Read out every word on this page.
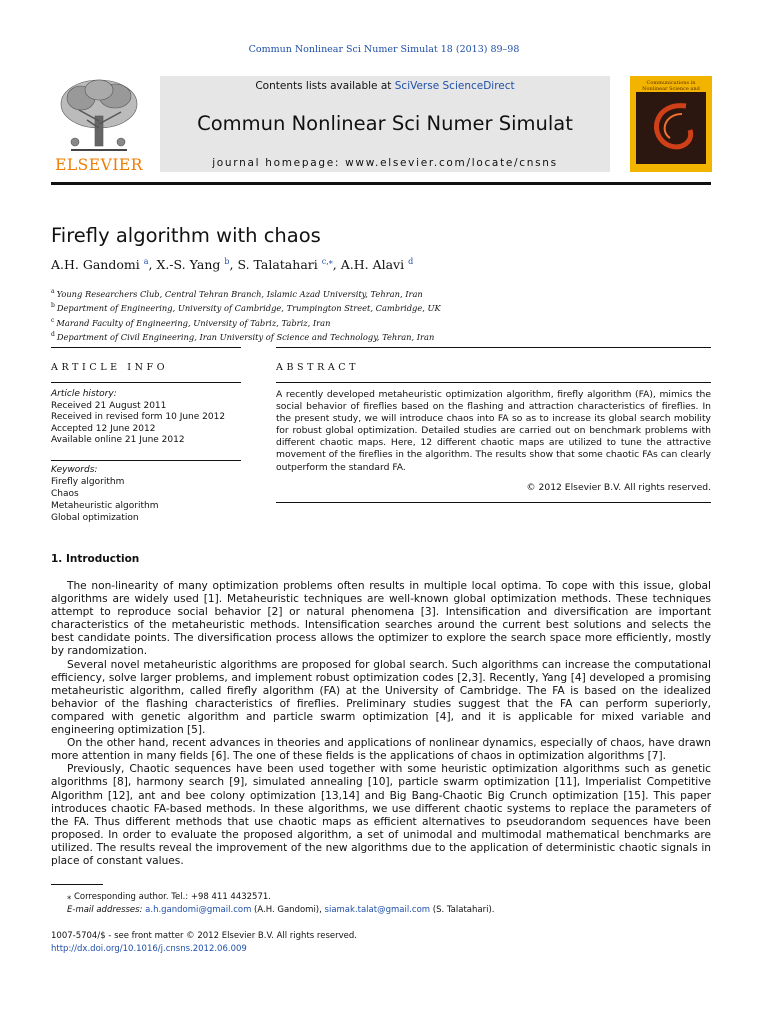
Commun Nonlinear Sci Numer Simulat 18 (2013) 89–98
ELSEVIER
Contents lists available at SciVerse ScienceDirect
Commun Nonlinear Sci Numer Simulat
journal homepage: www.elsevier.com/locate/cnsns
Communications in Nonlinear Science and
Firefly algorithm with chaos
A.H. Gandomi $^a$, X.-S. Yang $^b$, S. Talatahari $^{c,⁎}$, A.H. Alavi $^d$
$^a$ Young Researchers Club, Central Tehran Branch, Islamic Azad University, Tehran, Iran
$^b$ Department of Engineering, University of Cambridge, Trumpington Street, Cambridge, UK
$^c$ Marand Faculty of Engineering, University of Tabriz, Tabriz, Iran
$^d$ Department of Civil Engineering, Iran University of Science and Technology, Tehran, Iran
ARTICLE INFO	ABSTRACT
Article history:
Received 21 August 2011
Received in revised form 10 June 2012
Accepted 12 June 2012
Available online 21 June 2012
Keywords:
Firefly algorithm
Chaos
Metaheuristic algorithm
Global optimization
A recently developed metaheuristic optimization algorithm, firefly algorithm (FA), mimics the social behavior of fireflies based on the flashing and attraction characteristics of fireflies. In the present study, we will introduce chaos into FA so as to increase its global search mobility for robust global optimization. Detailed studies are carried out on benchmark problems with different chaotic maps. Here, 12 different chaotic maps are utilized to tune the attractive movement of the fireflies in the algorithm. The results show that some chaotic FAs can clearly outperform the standard FA.
© 2012 Elsevier B.V. All rights reserved.
1. Introduction

The non-linearity of many optimization problems often results in multiple local optima. To cope with this issue, global algorithms are widely used [1]. Metaheuristic techniques are well-known global optimization methods. These techniques attempt to reproduce social behavior [2] or natural phenomena [3]. Intensification and diversification are important characteristics of the metaheuristic methods. Intensification searches around the current best solutions and selects the best candidate points. The diversification process allows the optimizer to explore the search space more efficiently, mostly by randomization.

Several novel metaheuristic algorithms are proposed for global search. Such algorithms can increase the computational efficiency, solve larger problems, and implement robust optimization codes [2,3]. Recently, Yang [4] developed a promising metaheuristic algorithm, called firefly algorithm (FA) at the University of Cambridge. The FA is based on the idealized behavior of the flashing characteristics of fireflies. Preliminary studies suggest that the FA can perform superiorly, compared with genetic algorithm and particle swarm optimization [4], and it is applicable for mixed variable and engineering optimization [5].

On the other hand, recent advances in theories and applications of nonlinear dynamics, especially of chaos, have drawn more attention in many fields [6]. The one of these fields is the applications of chaos in optimization algorithms [7].

Previously, Chaotic sequences have been used together with some heuristic optimization algorithms such as genetic algorithms [8], harmony search [9], simulated annealing [10], particle swarm optimization [11], Imperialist Competitive Algorithm [12], ant and bee colony optimization [13,14] and Big Bang-Chaotic Big Crunch optimization [15]. This paper introduces chaotic FA-based methods. In these algorithms, we use different chaotic systems to replace the parameters of the FA. Thus different methods that use chaotic maps as efficient alternatives to pseudorandom sequences have been proposed. In order to evaluate the proposed algorithm, a set of unimodal and multimodal mathematical benchmarks are utilized. The results reveal the improvement of the new algorithms due to the application of deterministic chaotic signals in place of constant values.

⁎ Corresponding author. Tel.: +98 411 4432571.
E-mail addresses: a.h.gandomi@gmail.com (A.H. Gandomi), siamak.talat@gmail.com (S. Talatahari).
1007-5704/$ - see front matter © 2012 Elsevier B.V. All rights reserved.
http://dx.doi.org/10.1016/j.cnsns.2012.06.009
